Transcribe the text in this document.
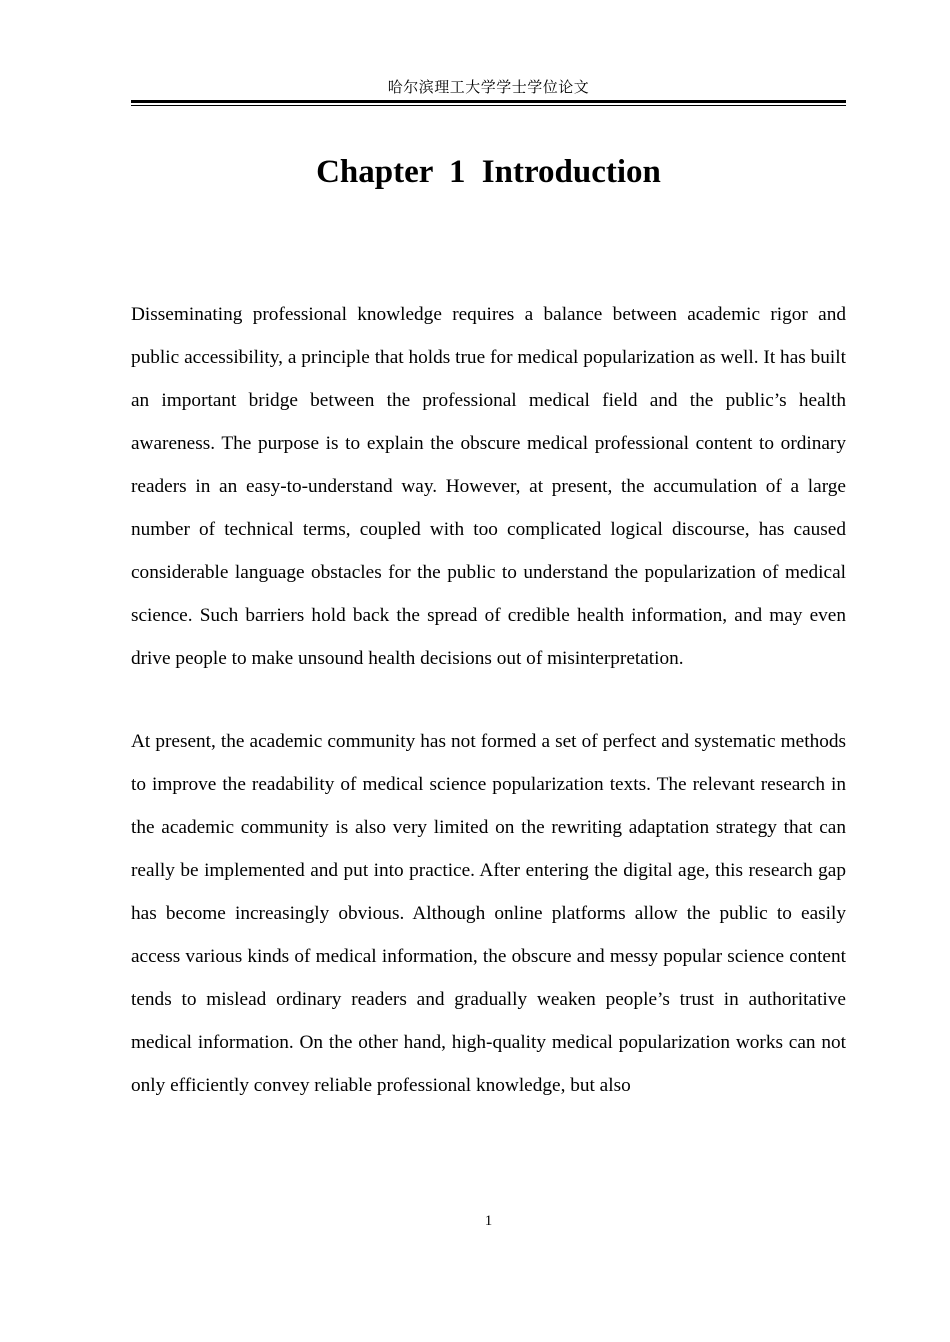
哈尔滨理工大学学士学位论文
Chapter 1 Introduction

Disseminating professional knowledge requires a balance between academic rigor and public accessibility, a principle that holds true for medical popularization as well. It has built an important bridge between the professional medical field and the public’s health awareness. The purpose is to explain the obscure medical professional content to ordinary readers in an easy-to-understand way. However, at present, the accumulation of a large number of technical terms, coupled with too complicated logical discourse, has caused considerable language obstacles for the public to understand the popularization of medical science. Such barriers hold back the spread of credible health information, and may even drive people to make unsound health decisions out of misinterpretation.

At present, the academic community has not formed a set of perfect and systematic methods to improve the readability of medical science popularization texts. The relevant research in the academic community is also very limited on the rewriting adaptation strategy that can really be implemented and put into practice. After entering the digital age, this research gap has become increasingly obvious. Although online platforms allow the public to easily access various kinds of medical information, the obscure and messy popular science content tends to mislead ordinary readers and gradually weaken people’s trust in authoritative medical information. On the other hand, high-quality medical popularization works can not only efficiently convey reliable professional knowledge, but also

1
